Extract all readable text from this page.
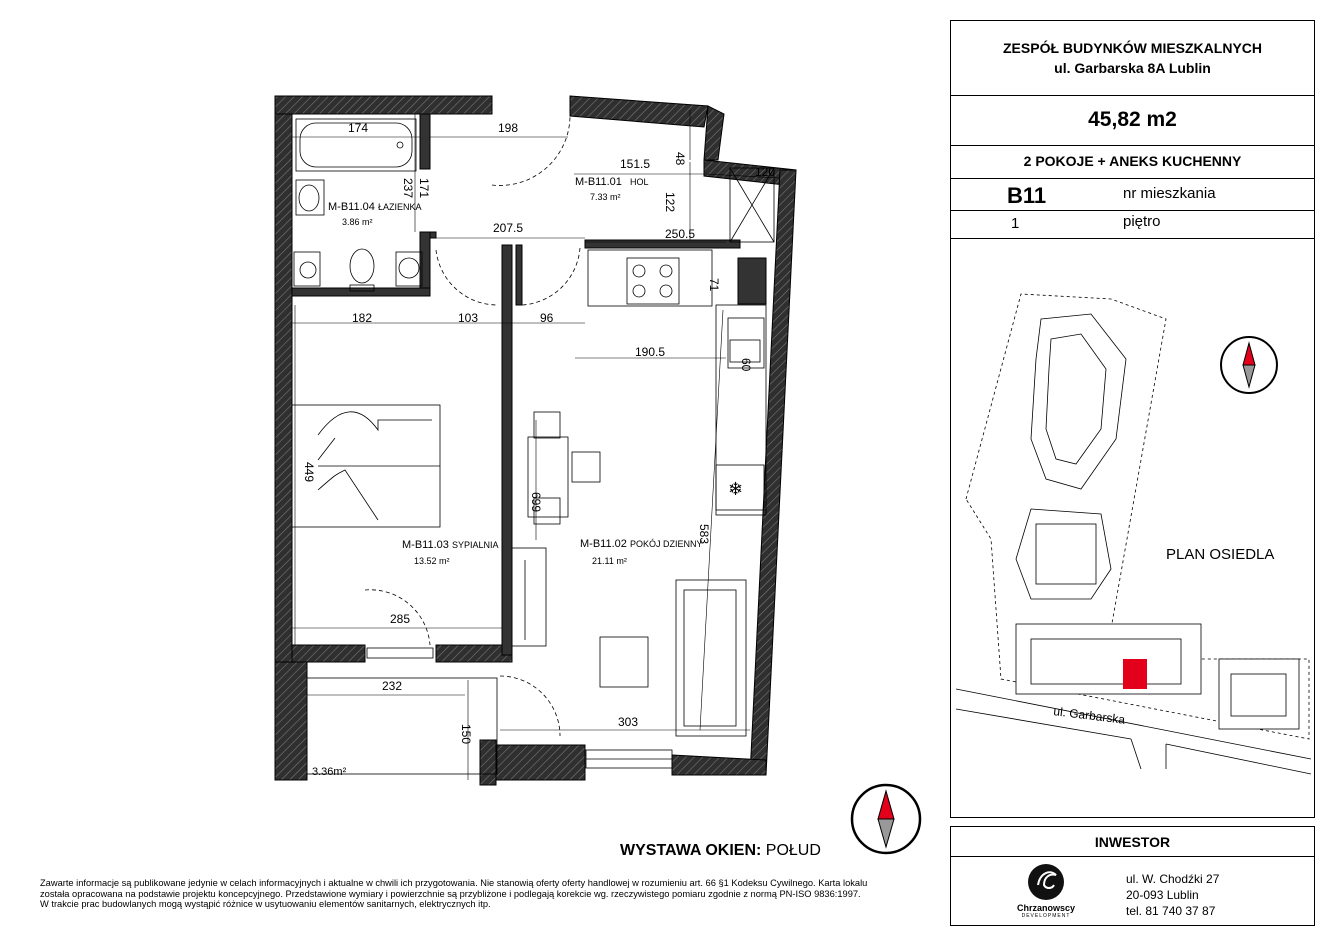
174	198
48
151.5
120
237 171
122
207.5	250.5
71
182	103	96
190.5
60
449
699
583
285
232
150
303
M-B11.01 HOL
7.33 m²
M-B11.04 ŁAZIENKA
3.86 m²
M-B11.02 POKÓJ DZIENNY
21.11 m²
M-B11.03 SYPIALNIA
13.52 m²
3.36m²
❄
ZESPÓŁ BUDYNKÓW MIESZKALNYCH
ul. Garbarska 8A Lublin
45,82 m2
2 POKOJE + ANEKS KUCHENNY
B11	nr mieszkania
1	piętro
PLAN OSIEDLA
ul. Garbarska
INWESTOR
Chrzanowscy
DEVELOPMENT
ul. W. Chodźki 27
20-093 Lublin
tel. 81 740 37 87
WYSTAWA OKIEN: POŁUD
Zawarte informacje są publikowane jedynie w celach informacyjnych i aktualne w chwili ich przygotowania. Nie stanowią oferty oferty handlowej w rozumieniu art. 66 §1 Kodeksu Cywilnego. Karta lokalu
została opracowana na podstawie projektu koncepcyjnego. Przedstawione wymiary i powierzchnie są przybliżone i podlegają korekcie wg. rzeczywistego pomiaru zgodnie z normą PN-ISO 9836:1997.
W trakcie prac budowlanych mogą wystąpić różnice w usytuowaniu elementów sanitarnych, elektrycznych itp.
